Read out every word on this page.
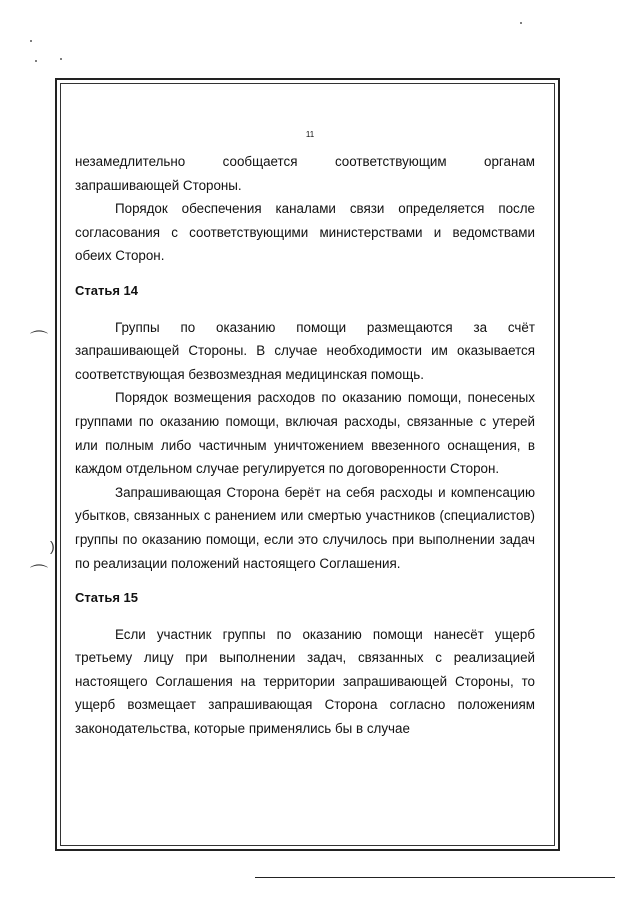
11

незамедлительно сообщается соответствующим органам запрашивающей Стороны.

Порядок обеспечения каналами связи определяется после согласования с соответствующими министерствами и ведомствами обеих Сторон.

Статья 14

Группы по оказанию помощи размещаются за счёт запрашивающей Стороны. В случае необходимости им оказывается соответствующая безвозмездная медицинская помощь.

Порядок возмещения расходов по оказанию помощи, понесеных группами по оказанию помощи, включая расходы, связанные с утерей или полным либо частичным уничтожением ввезенного оснащения, в каждом отдельном случае регулируется по договоренности Сторон.

Запрашивающая Сторона берёт на себя расходы и компенсацию убытков, связанных с ранением или смертью участников (специалистов) группы по оказанию помощи, если это случилось при выполнении задач по реализации положений настоящего Соглашения.

Статья 15

Если участник группы по оказанию помощи нанесёт ущерб третьему лицу при выполнении задач, связанных с реализацией настоящего Соглашения на территории запрашивающей Стороны, то ущерб возмещает запрашивающая Сторона согласно положениям законодательства, которые применялись бы в случае

⌒
⌒
)
